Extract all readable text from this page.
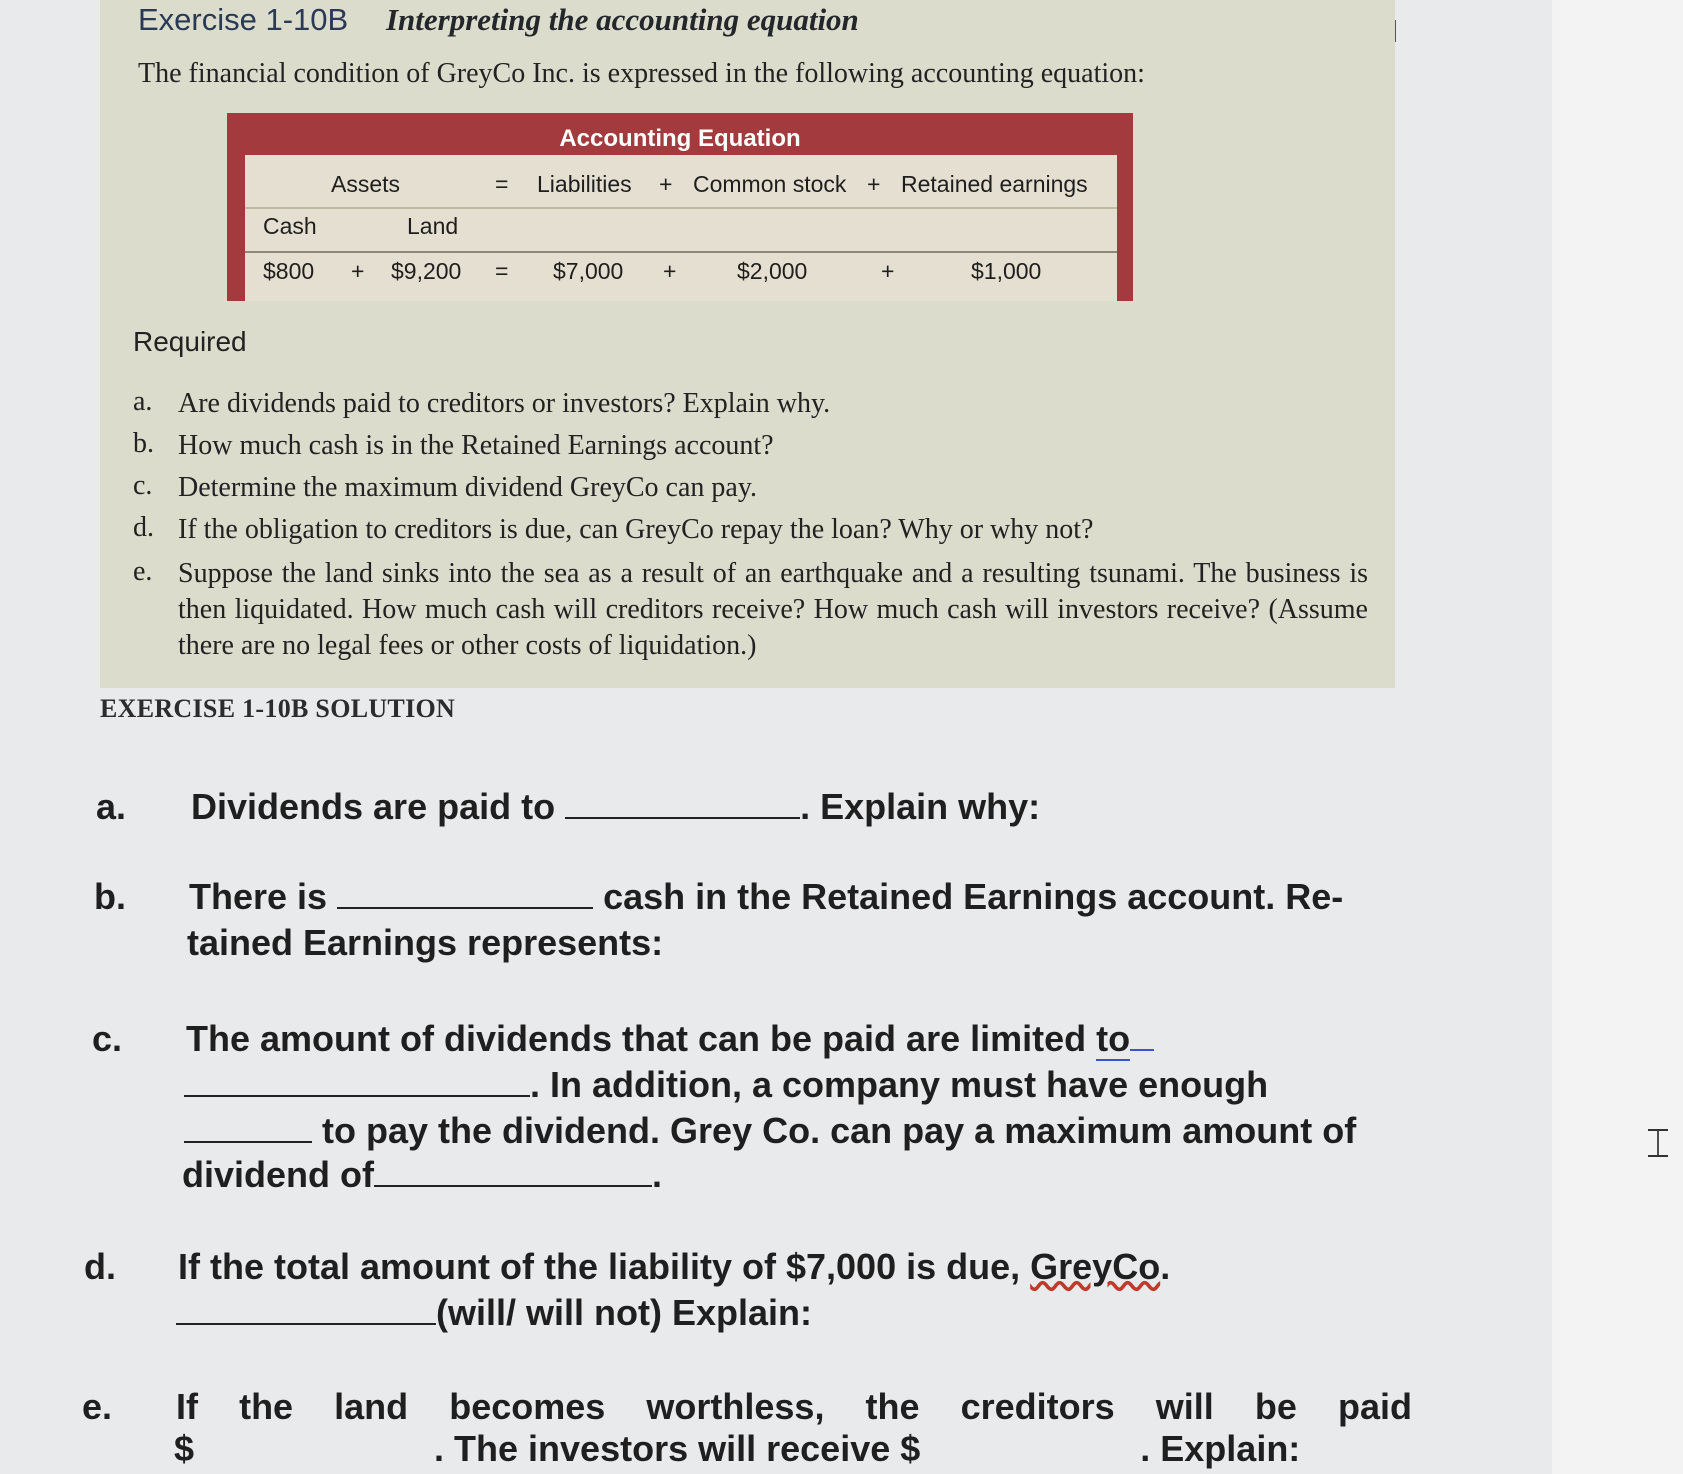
⌶
Exercise 1-10B Interpreting the accounting equation
The financial condition of GreyCo Inc. is expressed in the following accounting equation:
Accounting Equation
Assets	= Liabilities + Common stock + Retained earnings
Cash	Land
$800 + $9,200 = $7,000 +	$2,000	+	$1,000
Required
a. Are dividends paid to creditors or investors? Explain why.
b. How much cash is in the Retained Earnings account?
c. Determine the maximum dividend GreyCo can pay.
d. If the obligation to creditors is due, can GreyCo repay the loan? Why or why not?
e. Suppose the land sinks into the sea as a result of an earthquake and a resulting tsunami. The business is then liquidated. How much cash will creditors receive? How much cash will investors receive? (Assume there are no legal fees or other costs of liquidation.)
EXERCISE 1-10B SOLUTION
a. Dividends are paid to	. Explain why:
b. There is	cash in the Retained Earnings account. Re-
tained Earnings represents:
c. The amount of dividends that can be paid are limited to
. In addition, a company must have enough
to pay the dividend. Grey Co. can pay a maximum amount of
dividend of	.
d. If the total amount of the liability of $7,000 is due, GreyCo.
(will/ will not) Explain:
e. If the land becomes worthless, the creditors will be paid
$	. The investors will receive $	. Explain:
